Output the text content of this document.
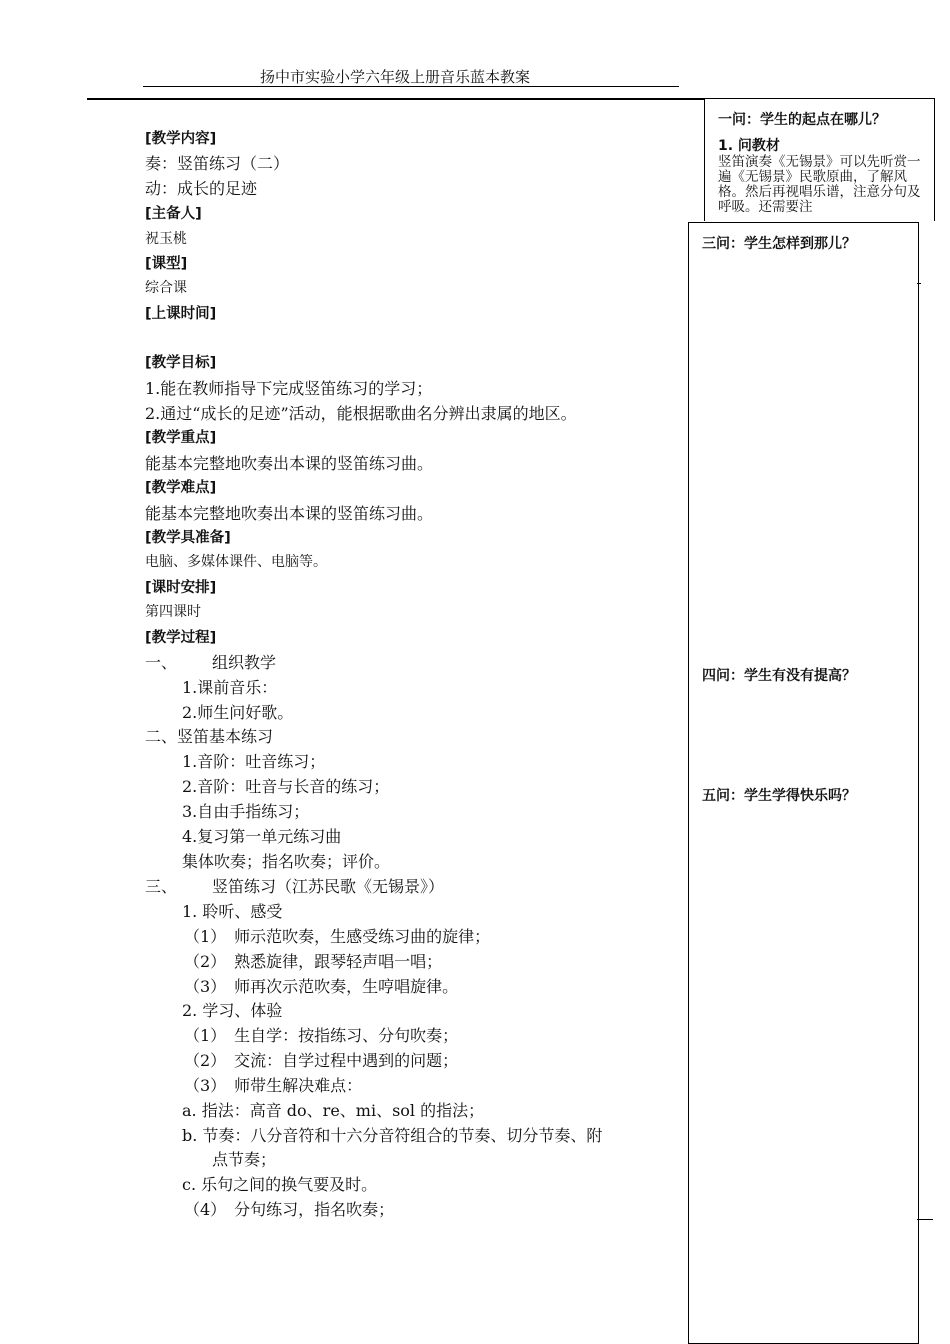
扬中市实验小学六年级上册音乐蓝本教案
[教学内容]
奏：竖笛练习（二）
动：成长的足迹
[主备人]
祝玉桃
[课型]
综合课
[上课时间]
[教学目标]
1.能在教师指导下完成竖笛练习的学习；
2.通过“成长的足迹”活动，能根据歌曲名分辨出隶属的地区。
[教学重点]
能基本完整地吹奏出本课的竖笛练习曲。
[教学难点]
能基本完整地吹奏出本课的竖笛练习曲。
[教学具准备]
电脑、多媒体课件、电脑等。
[课时安排]
第四课时
[教学过程]
一、 组织教学
1.课前音乐：
2.师生问好歌。
二、竖笛基本练习
1.音阶：吐音练习；
2.音阶：吐音与长音的练习；
3.自由手指练习；
4.复习第一单元练习曲
集体吹奏；指名吹奏；评价。
三、 竖笛练习（江苏民歌《无锡景》）
1. 聆听、感受
（1）　师示范吹奏，生感受练习曲的旋律；
（2）　熟悉旋律，跟琴轻声唱一唱；
（3）　师再次示范吹奏，生哼唱旋律。
2. 学习、体验
（1）　生自学：按指练习、分句吹奏；
（2）　交流：自学过程中遇到的问题；
（3）　师带生解决难点：
a. 指法：高音 do、re、mi、sol 的指法；
b. 节奏：八分音符和十六分音符组合的节奏、切分节奏、附
点节奏；
c. 乐句之间的换气要及时。
（4）　分句练习，指名吹奏；
一问：学生的起点在哪儿？
1. 问教材
竖笛演奏《无锡景》可以先听赏一遍《无锡景》民歌原曲，了解风格。然后再视唱乐谱，注意分句及呼吸。还需要注
三问：学生怎样到那儿？
四问：学生有没有提高？
五问：学生学得快乐吗？
